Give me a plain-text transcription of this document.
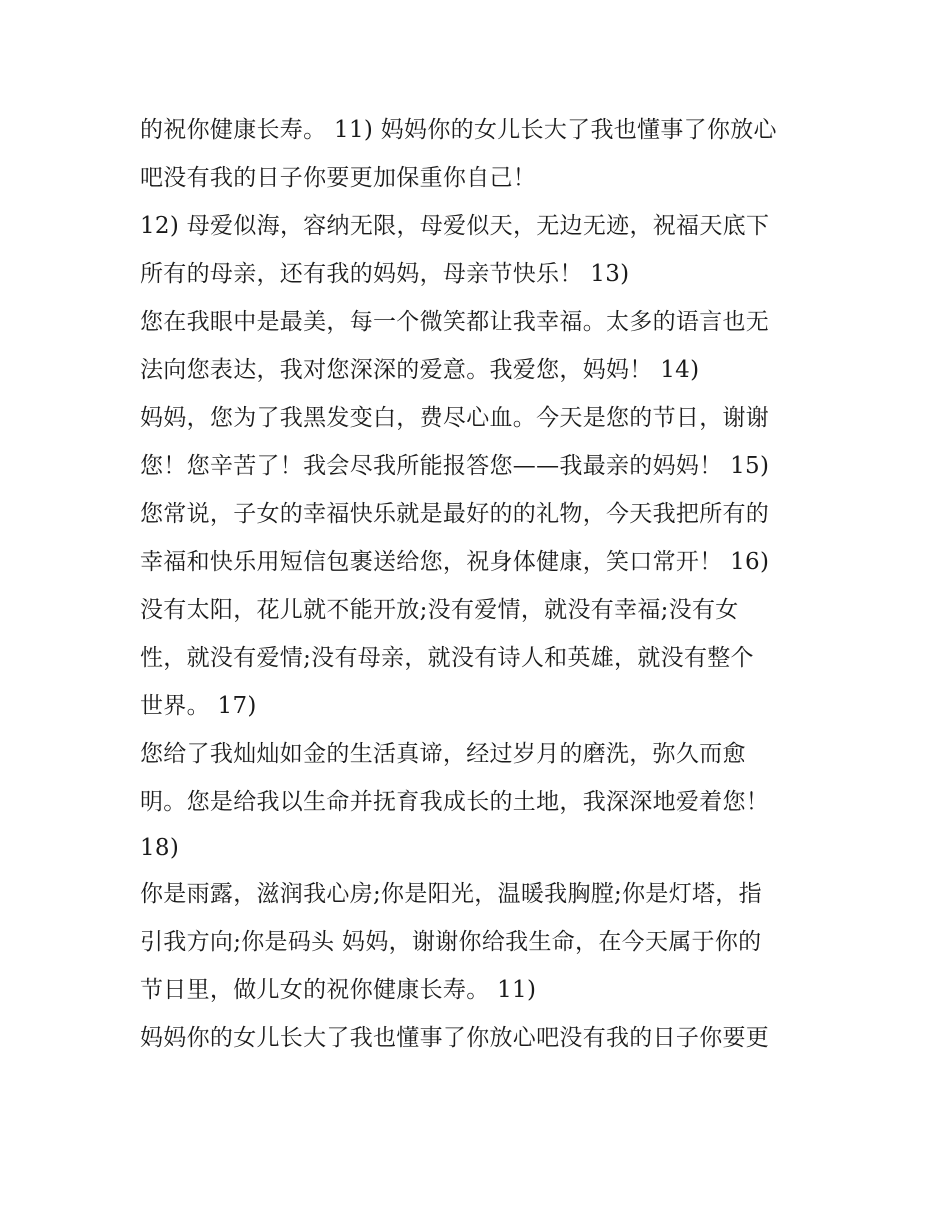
的祝你健康长寿。 11) 妈妈你的女儿长大了我也懂事了你放心
吧没有我的日子你要更加保重你自己！
12) 母爱似海，容纳无限，母爱似天，无边无迹，祝福天底下
所有的母亲，还有我的妈妈，母亲节快乐！ 13)
您在我眼中是最美，每一个微笑都让我幸福。太多的语言也无
法向您表达，我对您深深的爱意。我爱您，妈妈！ 14)
妈妈，您为了我黑发变白，费尽心血。今天是您的节日，谢谢
您！您辛苦了！我会尽我所能报答您——我最亲的妈妈！ 15)
您常说，子女的幸福快乐就是最好的的礼物，今天我把所有的
幸福和快乐用短信包裹送给您，祝身体健康，笑口常开！ 16)
没有太阳，花儿就不能开放;没有爱情，就没有幸福;没有女
性，就没有爱情;没有母亲，就没有诗人和英雄，就没有整个
世界。 17)
您给了我灿灿如金的生活真谛，经过岁月的磨洗，弥久而愈
明。您是给我以生命并抚育我成长的土地，我深深地爱着您！
18)
你是雨露，滋润我心房;你是阳光，温暖我胸膛;你是灯塔，指
引我方向;你是码头 妈妈，谢谢你给我生命，在今天属于你的
节日里，做儿女的祝你健康长寿。 11)
妈妈你的女儿长大了我也懂事了你放心吧没有我的日子你要更
